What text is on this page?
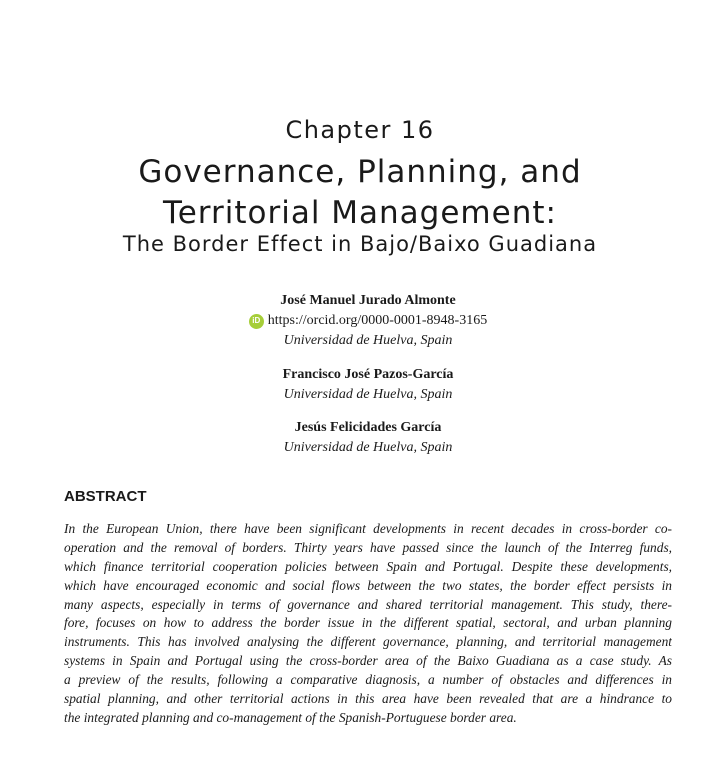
Chapter 16
Governance, Planning, and
Territorial Management:
The Border Effect in Bajo/Baixo Guadiana
José Manuel Jurado Almonte
iD https://orcid.org/0000-0001-8948-3165
Universidad de Huelva, Spain
Francisco José Pazos-García
Universidad de Huelva, Spain
Jesús Felicidades García
Universidad de Huelva, Spain
ABSTRACT
In the European Union, there have been significant developments in recent decades in cross-border co-
operation and the removal of borders. Thirty years have passed since the launch of the Interreg funds,
which finance territorial cooperation policies between Spain and Portugal. Despite these developments,
which have encouraged economic and social flows between the two states, the border effect persists in
many aspects, especially in terms of governance and shared territorial management. This study, there-
fore, focuses on how to address the border issue in the different spatial, sectoral, and urban planning
instruments. This has involved analysing the different governance, planning, and territorial management
systems in Spain and Portugal using the cross-border area of the Baixo Guadiana as a case study. As
a preview of the results, following a comparative diagnosis, a number of obstacles and differences in
spatial planning, and other territorial actions in this area have been revealed that are a hindrance to
the integrated planning and co-management of the Spanish-Portuguese border area.
